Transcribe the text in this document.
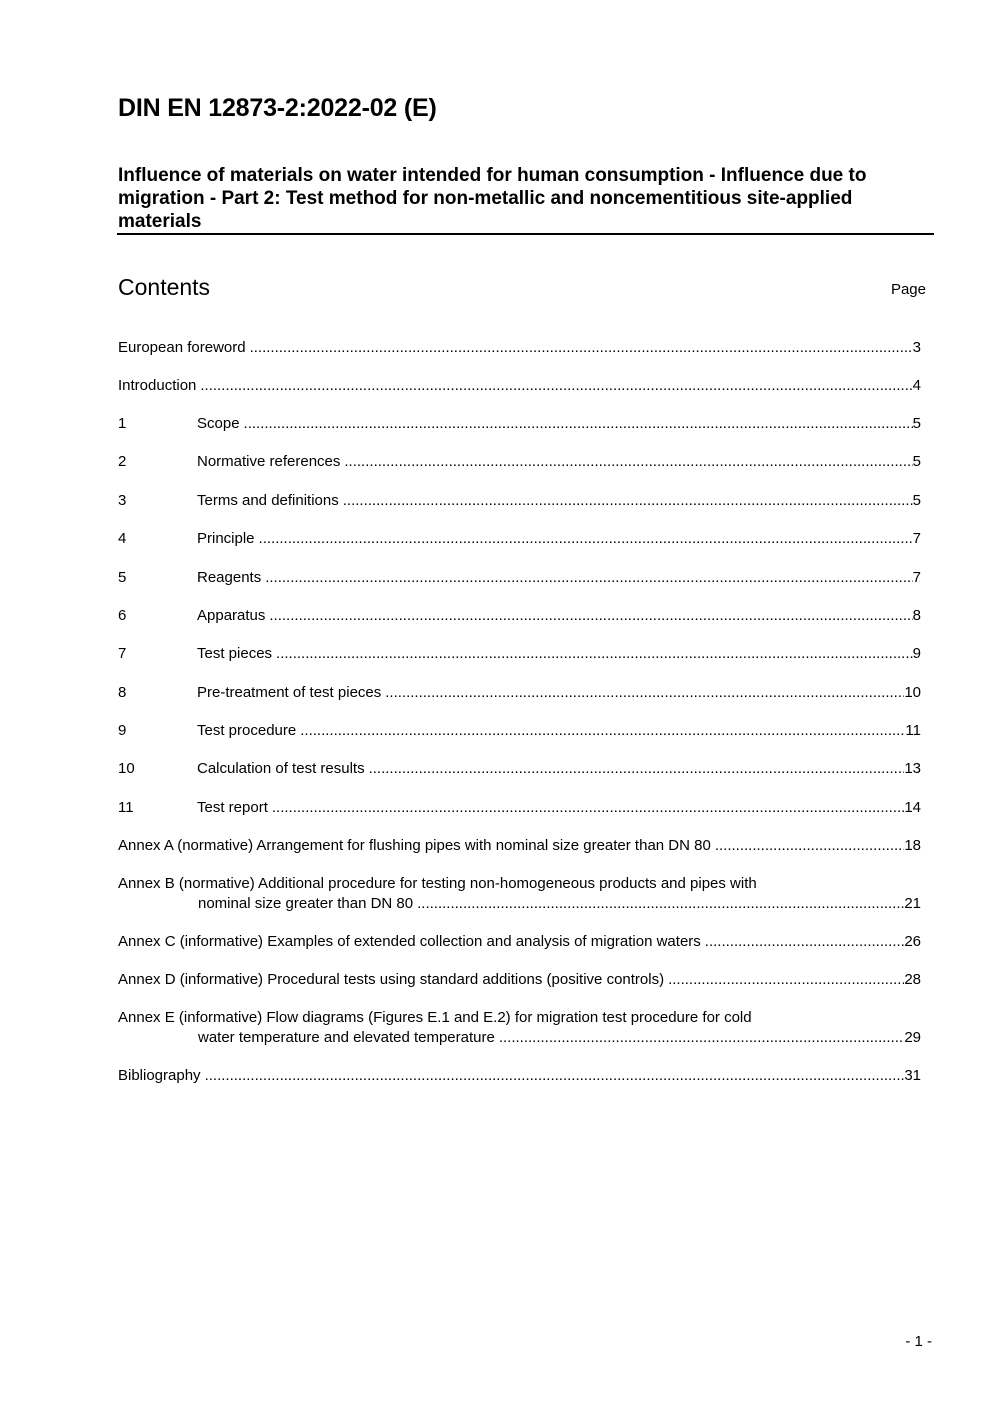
DIN EN 12873-2:2022-02 (E)
Influence of materials on water intended for human consumption - Influence due to migration - Part 2: Test method for non-metallic and noncementitious site-applied materials
Contents	Page
European foreword .....	3
Introduction .....	4
1	Scope .....	5
2	Normative references .....	5
3	Terms and definitions .....	5
4	Principle .....	7
5	Reagents .....	7
6	Apparatus .....	8
7	Test pieces .....	9
8	Pre-treatment of test pieces .....	10
9	Test procedure .....	11
10	Calculation of test results .....	13
11	Test report .....	14
Annex A (normative) Arrangement for flushing pipes with nominal size greater than DN 80 .....	18
Annex B (normative) Additional procedure for testing non-homogeneous products and pipes with
nominal size greater than DN 80 .....	21
Annex C (informative) Examples of extended collection and analysis of migration waters .....	26
Annex D (informative) Procedural tests using standard additions (positive controls) .....	28
Annex E (informative) Flow diagrams (Figures E.1 and E.2) for migration test procedure for cold
water temperature and elevated temperature .....	29
Bibliography .....	31
- 1 -
